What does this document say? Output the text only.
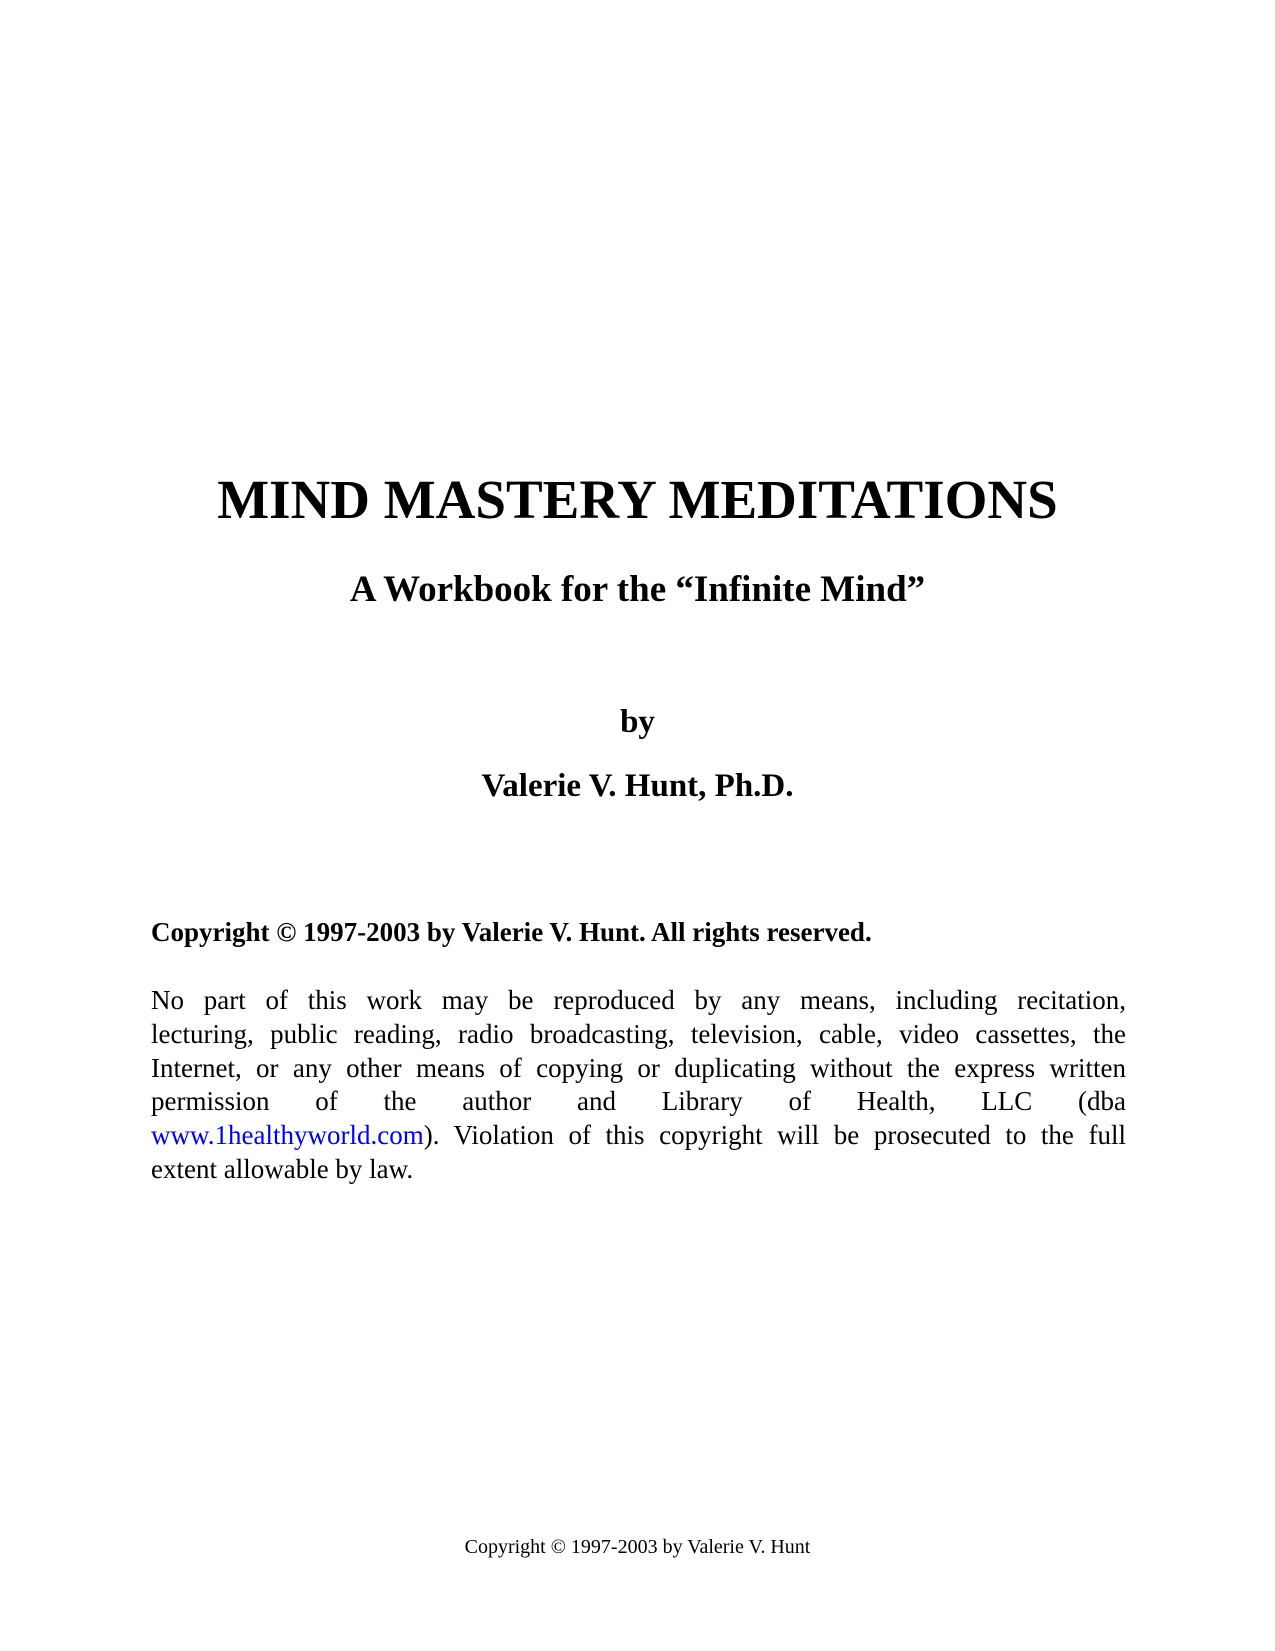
MIND MASTERY MEDITATIONS
A Workbook for the “Infinite Mind”
by
Valerie V. Hunt, Ph.D.
Copyright © 1997-2003 by Valerie V. Hunt. All rights reserved.
No part of this work may be reproduced by any means, including recitation,
lecturing, public reading, radio broadcasting, television, cable, video cassettes, the
Internet, or any other means of copying or duplicating without the express written
permission of the author and Library of Health, LLC (dba
www.1healthyworld.com). Violation of this copyright will be prosecuted to the full
extent allowable by law.
Copyright © 1997-2003 by Valerie V. Hunt
